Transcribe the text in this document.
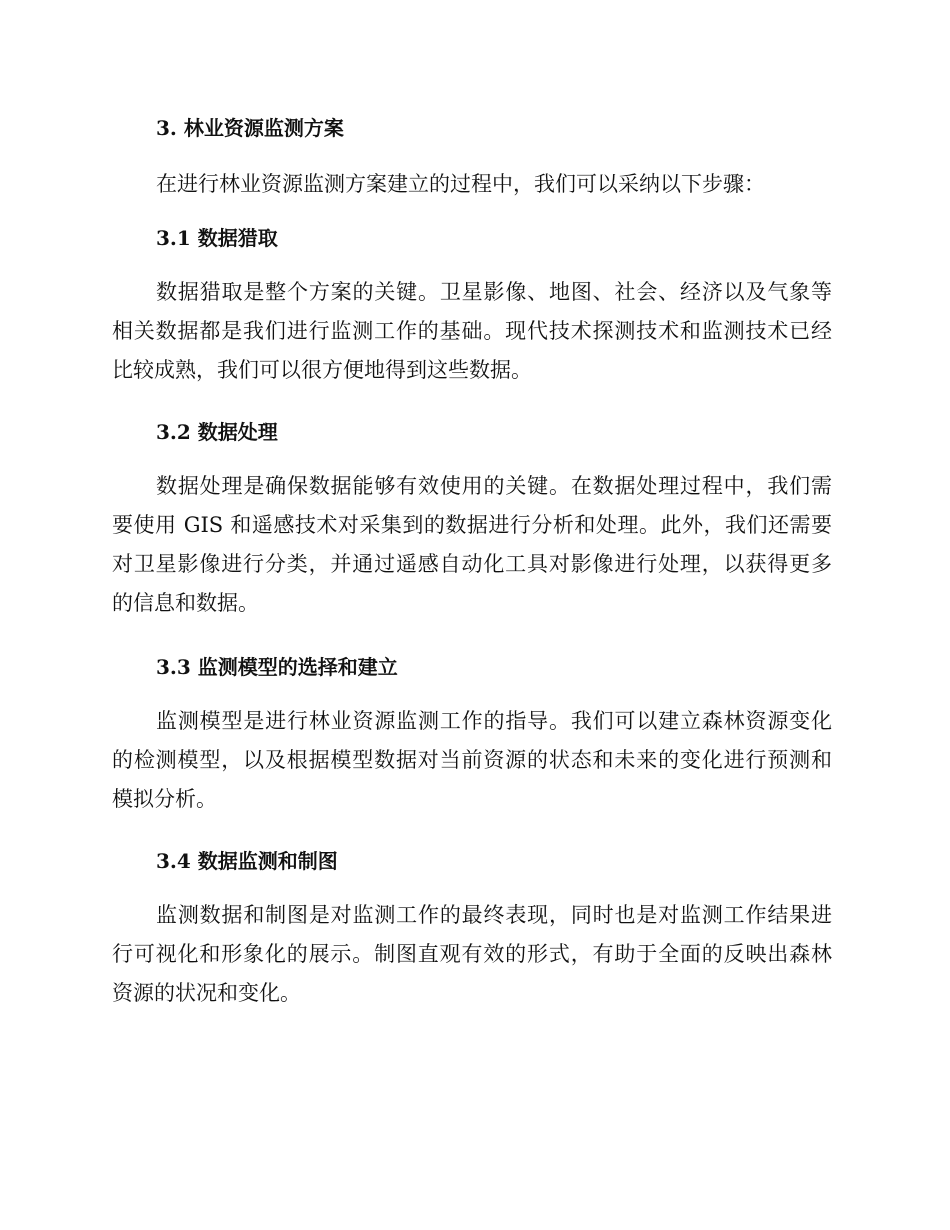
3. 林业资源监测方案
在进行林业资源监测方案建立的过程中，我们可以采纳以下步骤：
3.1 数据猎取
数据猎取是整个方案的关键。卫星影像、地图、社会、经济以及气象等
相关数据都是我们进行监测工作的基础。现代技术探测技术和监测技术已经
比较成熟，我们可以很方便地得到这些数据。
3.2 数据处理
数据处理是确保数据能够有效使用的关键。在数据处理过程中，我们需
要使用 GIS 和遥感技术对采集到的数据进行分析和处理。此外，我们还需要
对卫星影像进行分类，并通过遥感自动化工具对影像进行处理，以获得更多
的信息和数据。
3.3 监测模型的选择和建立
监测模型是进行林业资源监测工作的指导。我们可以建立森林资源变化
的检测模型，以及根据模型数据对当前资源的状态和未来的变化进行预测和
模拟分析。
3.4 数据监测和制图
监测数据和制图是对监测工作的最终表现，同时也是对监测工作结果进
行可视化和形象化的展示。制图直观有效的形式，有助于全面的反映出森林
资源的状况和变化。
